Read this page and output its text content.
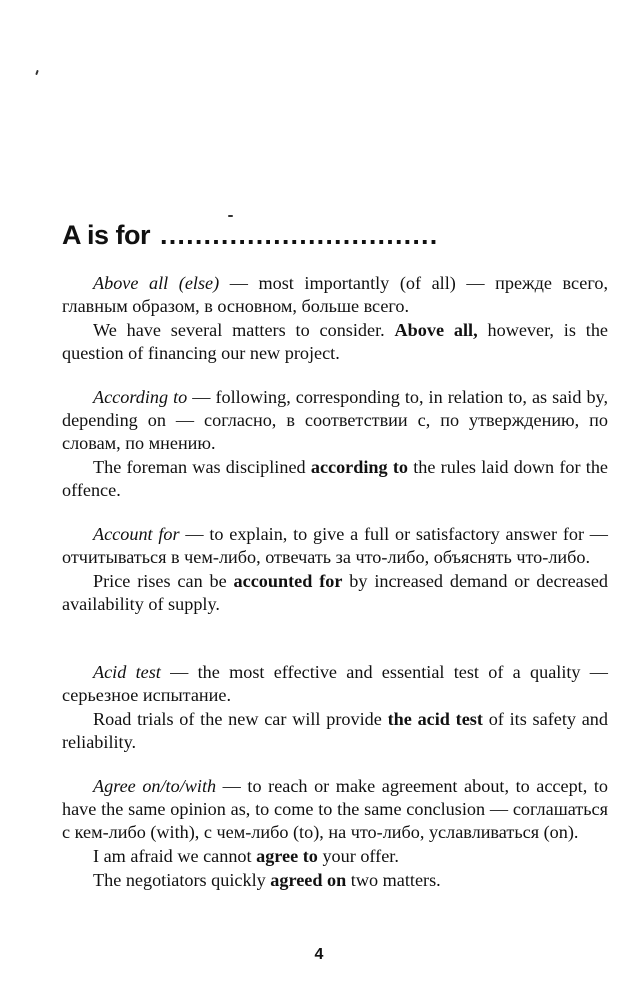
A is for ................................

Above all (else) — most importantly (of all) — прежде всего, главным образом, в основном, больше всего.

We have several matters to consider. Above all, however, is the question of financing our new project.

According to — following, corresponding to, in relation to, as said by, depending on — согласно, в соответствии с, по утверждению, по словам, по мнению.

The foreman was disciplined according to the rules laid down for the offence.

Account for — to explain, to give a full or satisfactory answer for — отчитываться в чем-либо, отвечать за что-либо, объяснять что-либо.

Price rises can be accounted for by increased demand or decreased availability of supply.

Acid test — the most effective and essential test of a quality — серьезное испытание.

Road trials of the new car will provide the acid test of its safety and reliability.

Agree on/to/with — to reach or make agreement about, to accept, to have the same opinion as, to come to the same conclusion — соглашаться с кем-либо (with), с чем-либо (to), на что-либо, уславливаться (on).

I am afraid we cannot agree to your offer.

The negotiators quickly agreed on two matters.

4
